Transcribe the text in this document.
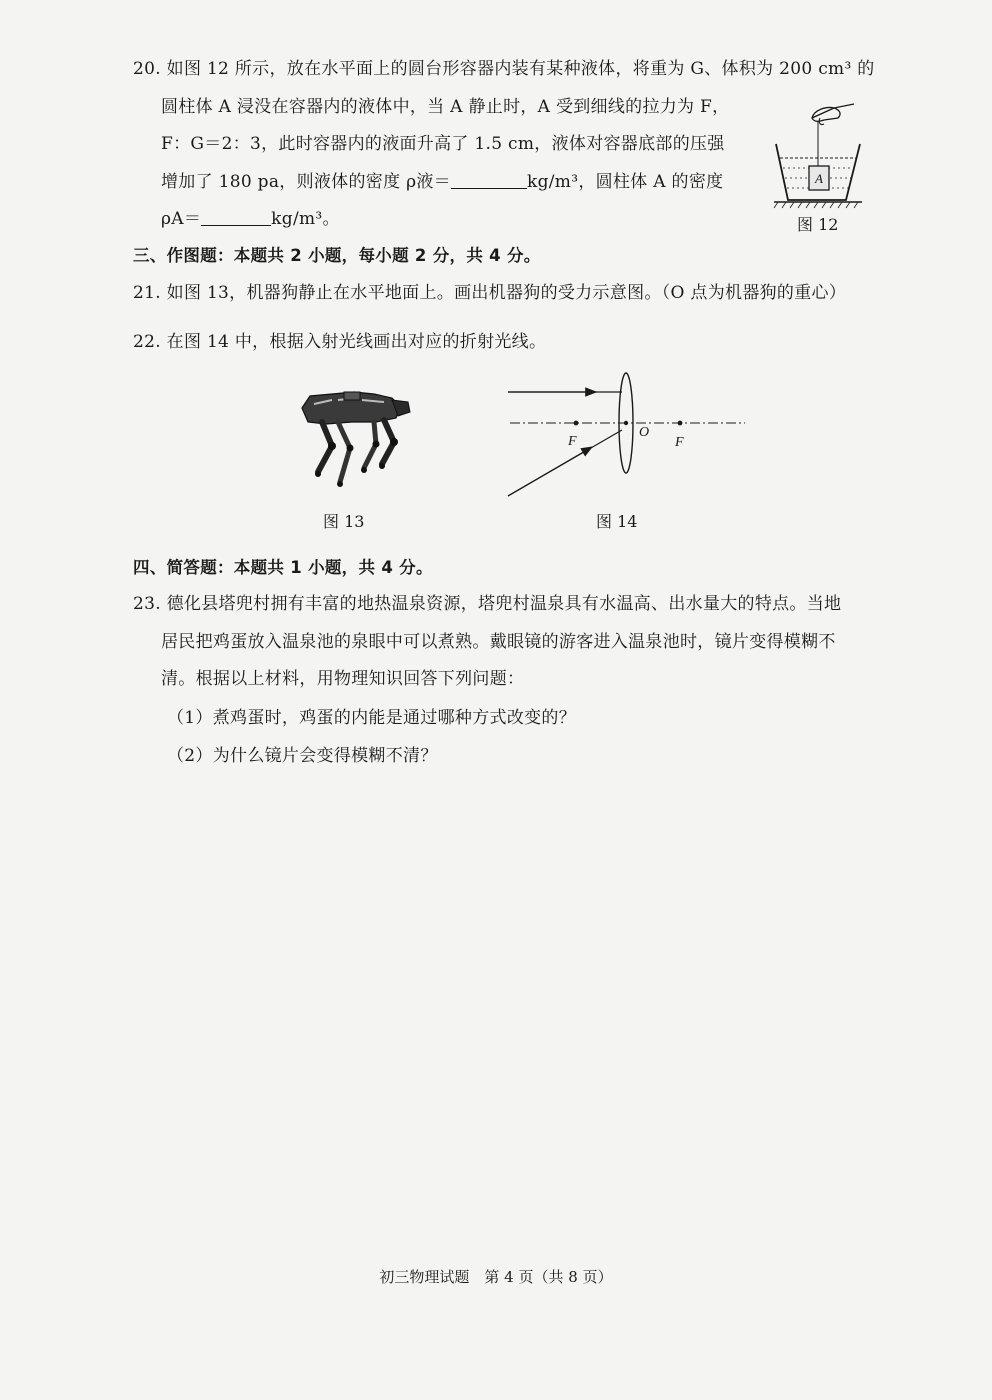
20. 如图 12 所示，放在水平面上的圆台形容器内装有某种液体，将重为 G、体积为 200 cm³ 的
圆柱体 A 浸没在容器内的液体中，当 A 静止时，A 受到细线的拉力为 F，
F：G＝2：3，此时容器内的液面升高了 1.5 cm，液体对容器底部的压强
增加了 180 pa，则液体的密度 ρ液＝	kg/m³，圆柱体 A 的密度
ρA＝	kg/m³。
A
图 12
三、作图题：本题共 2 小题，每小题 2 分，共 4 分。
21. 如图 13，机器狗静止在水平地面上。画出机器狗的受力示意图。（O 点为机器狗的重心）
22. 在图 14 中，根据入射光线画出对应的折射光线。
图 13
F
O
F
图 14
四、简答题：本题共 1 小题，共 4 分。
23. 德化县塔兜村拥有丰富的地热温泉资源，塔兜村温泉具有水温高、出水量大的特点。当地
居民把鸡蛋放入温泉池的泉眼中可以煮熟。戴眼镜的游客进入温泉池时，镜片变得模糊不
清。根据以上材料，用物理知识回答下列问题：
（1）煮鸡蛋时，鸡蛋的内能是通过哪种方式改变的？
（2）为什么镜片会变得模糊不清？
初三物理试题　第 4 页（共 8 页）
